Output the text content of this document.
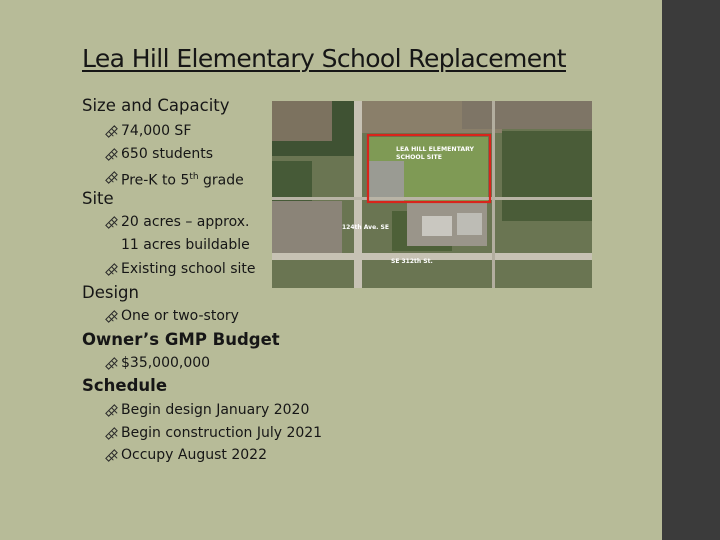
Lea Hill Elementary School Replacement
Size and Capacity
74,000 SF
650 students
Pre-K to 5th grade
Site
20 acres – approx.
11 acres buildable
Existing school site
Design
One or two-story
Owner’s GMP Budget
$35,000,000
Schedule
Begin design January 2020
Begin construction July 2021
Occupy August 2022
LEA HILL ELEMENTARY
SCHOOL SITE
124th Ave. SE
SE 312th St.
